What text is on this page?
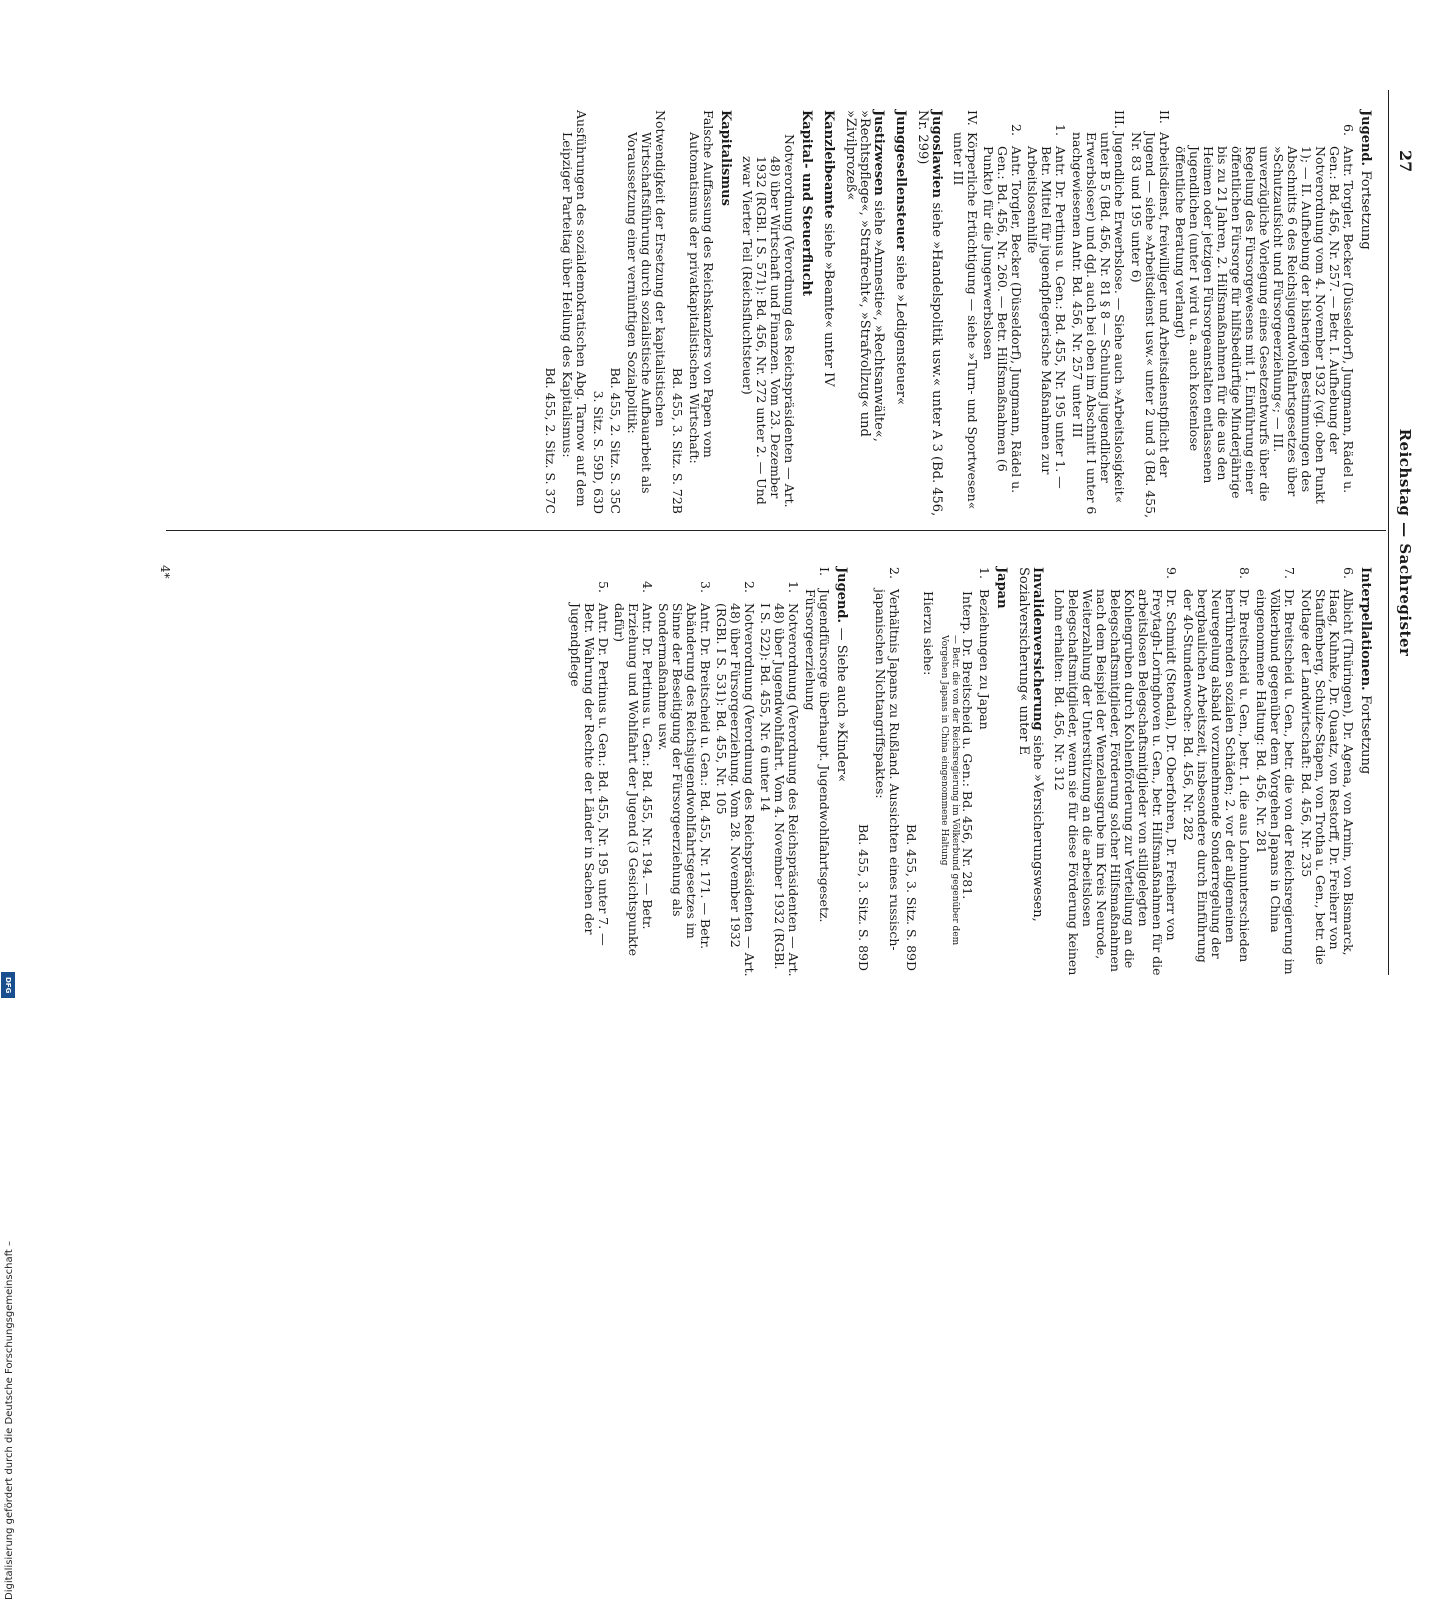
27
Reichstag — Sachregister
Interpellationen. Fortsetzung
6.Albicht (Thüringen), Dr. Agena, von Arnim, von Bismarck, Haag, Kuhnke, Dr. Quaatz, von Restorff, Dr. Freiherr von Stauffenberg, Schulze-Stapen, von Trotha u. Gen., betr. die Notlage der Landwirtschaft: Bd. 456, Nr. 235
7.Dr. Breitscheid u. Gen., betr. die von der Reichsregierung im Völkerbund gegenüber dem Vorgehen Japans in China eingenommene Haltung: Bd. 456, Nr. 281
8.Dr. Breitscheid u. Gen., betr. 1. die aus Lohnunterschieden herrührenden sozialen Schäden; 2. vor der allgemeinen Neuregelung alsbald vorzunehmende Sonderregelung der bergbaulichen Arbeitszeit, insbesondere durch Einführung der 40-Stundenwoche: Bd. 456, Nr. 282
9.Dr. Schmidt (Stendal), Dr. Oberfohren, Dr. Freiherr von Freytagh-Loringhoven u. Gen., betr. Hilfsmaßnahmen für die arbeitslosen Belegschaftsmitglieder von stillgelegten Kohlengruben durch Kohlenförderung zur Verteilung an die Belegschaftsmitglieder, Förderung solcher Hilfsmaßnahmen nach dem Beispiel der Wenzelausgrube im Kreis Neurode, Weiterzahlung der Unterstützung an die arbeitslosen Belegschaftsmitglieder, wenn sie für diese Förderung keinen Lohn erhalten: Bd. 456, Nr. 312
Invalidenversicherung siehe »Versicherungswesen, Sozialversicherung« unter E
Japan
1.Beziehungen zu Japan
Interp. Dr. Breitscheid u. Gen.: Bd. 456, Nr. 281.
— Betr. die von der Reichsregierung im Völkerbund gegenüber dem Vorgehen Japans in China eingenommene Haltung
Hierzu siehe:
Bd. 455, 3. Sitz. S. 89D
2.Verhältnis Japans zu Rußland. Aussichten eines russisch-japanischen Nichtangriffspaktes:
Bd. 455, 3. Sitz. S. 89D
Jugend. — Siehe auch »Kinder«
I.Jugendfürsorge überhaupt. Jugendwohlfahrtsgesetz. Fürsorgeerziehung
1.Notverordnung (Verordnung des Reichspräsidenten — Art. 48) über Jugendwohlfahrt. Vom 4. November 1932 (RGBl. I S. 522): Bd. 455, Nr. 6 unter 14
2.Notverordnung (Verordnung des Reichspräsidenten — Art. 48) über Fürsorgeerziehung. Vom 28. November 1932 (RGBl. I S. 531): Bd. 455, Nr. 105
3.Antr. Dr. Breitscheid u. Gen.: Bd. 455, Nr. 171. — Betr. Abänderung des Reichsjugendwohlfahrtsgesetzes im Sinne der Beseitigung der Fürsorgeerziehung als Sondermaßnahme usw.
4.Antr. Dr. Pertinus u. Gen.: Bd. 455, Nr. 194. — Betr. Erziehung und Wohlfahrt der Jugend (3 Gesichtspunkte dafür)
5.Antr. Dr. Pertinus u. Gen.: Bd. 455, Nr. 195 unter 7. — Betr. Wahrung der Rechte der Länder in Sachen der Jugendpflege
Jugend. Fortsetzung
6.Antr. Torgler, Becker (Düsseldorf), Jungmann, Rädel u. Gen.: Bd. 456, Nr. 257. — Betr. I. Aufhebung der Notverordnung vom 4. November 1932 (vgl. oben Punkt 1); — II. Aufhebung der bisherigen Bestimmungen des Abschnitts 6 des Reichsjugendwohlfahrtsgesetzes über »Schutzaufsicht und Fürsorgeerziehung«; — III. unverzügliche Vorlegung eines Gesetzentwurfs über die Regelung des Fürsorgewesens mit 1. Einführung einer öffentlichen Fürsorge für hilfsbedürftige Minderjährige bis zu 21 Jahren, 2. Hilfsmaßnahmen für die aus den Heimen oder jetzigen Fürsorgeanstalten entlassenen Jugendlichen (unter I wird u. a. auch kostenlose öffentliche Beratung verlangt)
II.Arbeitsdienst, freiwilliger und Arbeitsdienstpflicht der Jugend — siehe »Arbeitsdienst usw.« unter 2 und 3 (Bd. 455, Nr. 83 und 195 unter 6)
III.Jugendliche Erwerbslose. — Siehe auch »Arbeitslosigkeit« unter B 5 (Bd. 456, Nr. 81 § 8 — Schulung jugendlicher Erwerbsloser) und dgl. auch bei oben im Abschnitt I unter 6 nachgewiesenen Antr. Bd. 456, Nr. 257 unter III
1.Antr. Dr. Pertinus u. Gen.: Bd. 455, Nr. 195 unter 1. — Betr. Mittel für jugendpflegerische Maßnahmen zur Arbeitslosenhilfe
2.Antr. Torgler, Becker (Düsseldorf), Jungmann, Rädel u. Gen.: Bd. 456, Nr. 260. — Betr. Hilfsmaßnahmen (6 Punkte) für die Jungerwerbslosen
IV.Körperliche Ertüchtigung — siehe »Turn- und Sportwesen« unter III
Jugoslawien siehe »Handelspolitik usw.« unter A 3 (Bd. 456, Nr. 299)
Junggesellensteuer siehe »Ledigensteuer«
Justizwesen siehe »Amnestie«, »Rechtsanwälte«, »Rechtspflege«, »Strafrecht«, »Strafvollzug« und »Zivilprozeß«
Kanzleibeamte siehe »Beamte« unter IV
Kapital- und Steuerflucht
Notverordnung (Verordnung des Reichspräsidenten — Art. 48) über Wirtschaft und Finanzen. Vom 23. Dezember 1932 (RGBl. I S. 571): Bd. 456, Nr. 272 unter 2. — Und zwar Vierter Teil (Reichsfluchtsteuer)
Kapitalismus
Falsche Auffassung des Reichskanzlers von Papen vom Automatismus der privatkapitalistischen Wirtschaft:
Bd. 455, 3. Sitz. S. 72B
Notwendigkeit der Ersetzung der kapitalistischen Wirtschaftsführung durch sozialistische Aufbauarbeit als Voraussetzung einer vernünftigen Sozialpolitik:
Bd. 455, 2. Sitz. S. 35C
3. Sitz. S. 59D, 63D
Ausführungen des sozialdemokratischen Abg. Tarnow auf dem Leipziger Parteitag über Heilung des Kapitalismus:
Bd. 455, 2. Sitz. S. 37C
4*
Digitalisierung gefördert durch die Deutsche Forschungsgemeinschaft –
DFG
